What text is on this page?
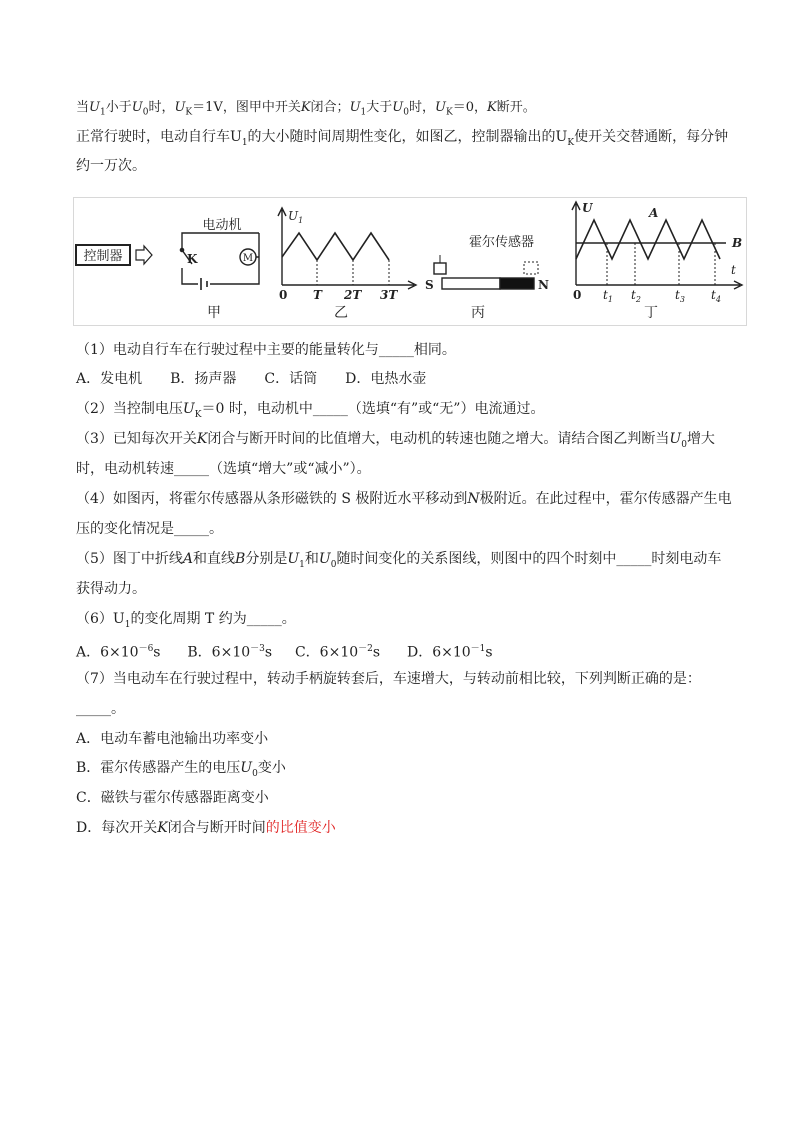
当$U_1$小于$U_0$时，$U_K=1V$，图甲中开关K闭合；$U_1$大于$U_0$时，$U_K=0$，K断开。
正常行驶时，电动自行车$U_1$的大小随时间周期性变化，如图乙，控制器输出的$U_K$使开关交替通断，每分钟
约一万次。
控制器
电动机
M
K
$U_1$
0 T 2T 3T
霍尔传感器
S	N
U
t
A
B
0 $t_1$ $t_2$	$t_3$ $t_4$
甲	乙	丙	丁
（1）电动自行车在行驶过程中主要的能量转化与_____相同。
A．发电机　　B．扬声器　　C．话筒　　D．电热水壶
（2）当控制电压$U_K=0$ 时，电动机中_____（选填“有”或“无”）电流通过。
（3）已知每次开关K闭合与断开时间的比值增大，电动机的转速也随之增大。请结合图乙判断当$U_0$增大
时，电动机转速_____（选填“增大”或“减小”）。
（4）如图丙，将霍尔传感器从条形磁铁的 S 极附近水平移动到N极附近。在此过程中，霍尔传感器产生电
压的变化情况是_____。
（5）图丁中折线A和直线B分别是$U_1$和$U_0$随时间变化的关系图线，则图中的四个时刻中_____时刻电动车
获得动力。
$(6)U_1$的变化周期 T 约为_____。
A．$6\times 10^{-6}s$ B．$6\times 10^{-3}s$ C．$6\times 10^{-2}s$ D．$6\times 10^{-1}s$
（7）当电动车在行驶过程中，转动手柄旋转套后，车速增大，与转动前相比较，下列判断正确的是：
_____。
A．电动车蓄电池输出功率变小
B．霍尔传感器产生的电压$U_0$变小
C．磁铁与霍尔传感器距离变小
D．每次开关K闭合与断开时间的比值变小
